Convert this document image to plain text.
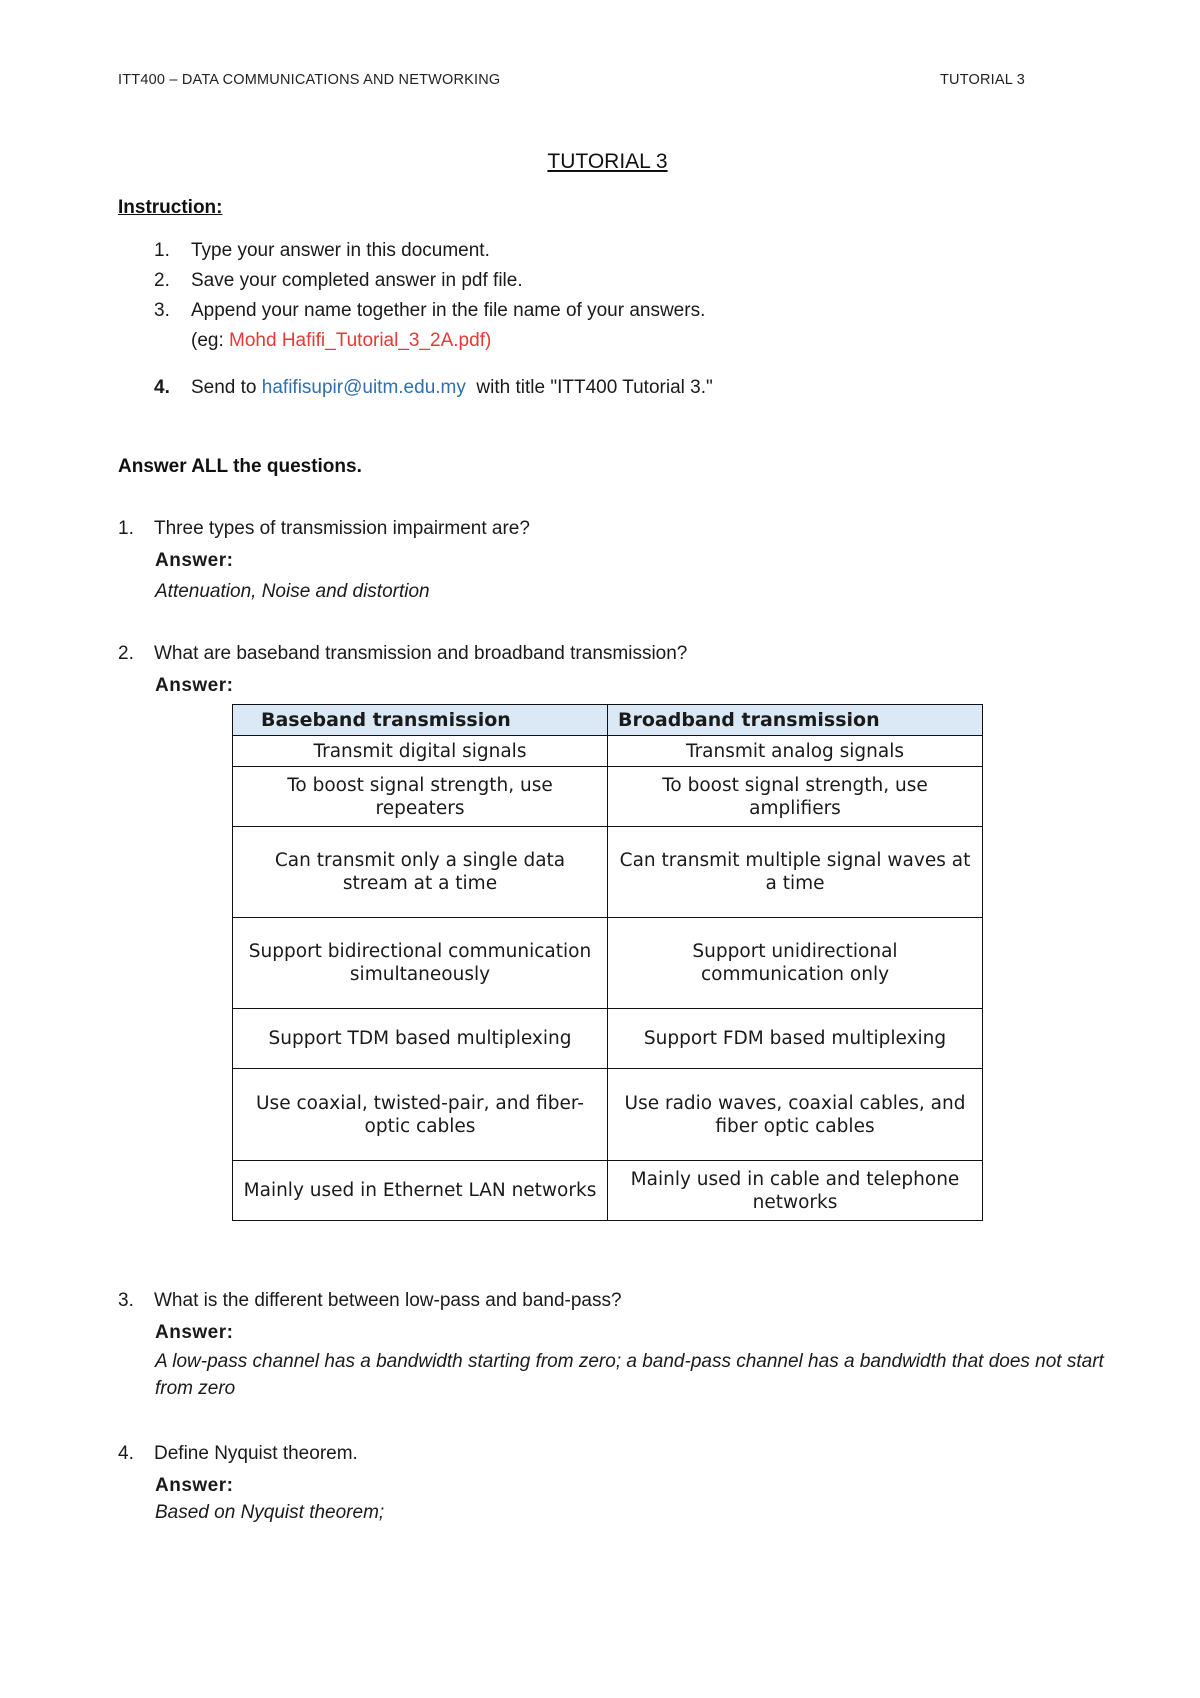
ITT400 – DATA COMMUNICATIONS AND NETWORKING	TUTORIAL 3
TUTORIAL 3
Instruction:
1. Type your answer in this document.
2. Save your completed answer in pdf file.
3. Append your name together in the file name of your answers.
(eg: Mohd Hafifi_Tutorial_3_2A.pdf)
4. Send to hafifisupir@uitm.edu.my  with title "ITT400 Tutorial 3."
Answer ALL the questions.
1. Three types of transmission impairment are?
Answer:
Attenuation, Noise and distortion
2. What are baseband transmission and broadband transmission?
Answer:
Baseband transmission	Broadband transmission
Transmit digital signals	Transmit analog signals
To boost signal strength, use repeaters	To boost signal strength, use amplifiers
Can transmit only a single data stream at a time	Can transmit multiple signal waves at a time
Support bidirectional communication simultaneously	Support unidirectional communication only
Support TDM based multiplexing	Support FDM based multiplexing
Use coaxial, twisted-pair, and fiber-optic cables	Use radio waves, coaxial cables, and fiber optic cables
Mainly used in Ethernet LAN networks	Mainly used in cable and telephone networks
3. What is the different between low-pass and band-pass?
Answer:
A low-pass channel has a bandwidth starting from zero; a band-pass channel has a bandwidth that does not start from zero
4. Define Nyquist theorem.
Answer:
Based on Nyquist theorem;
